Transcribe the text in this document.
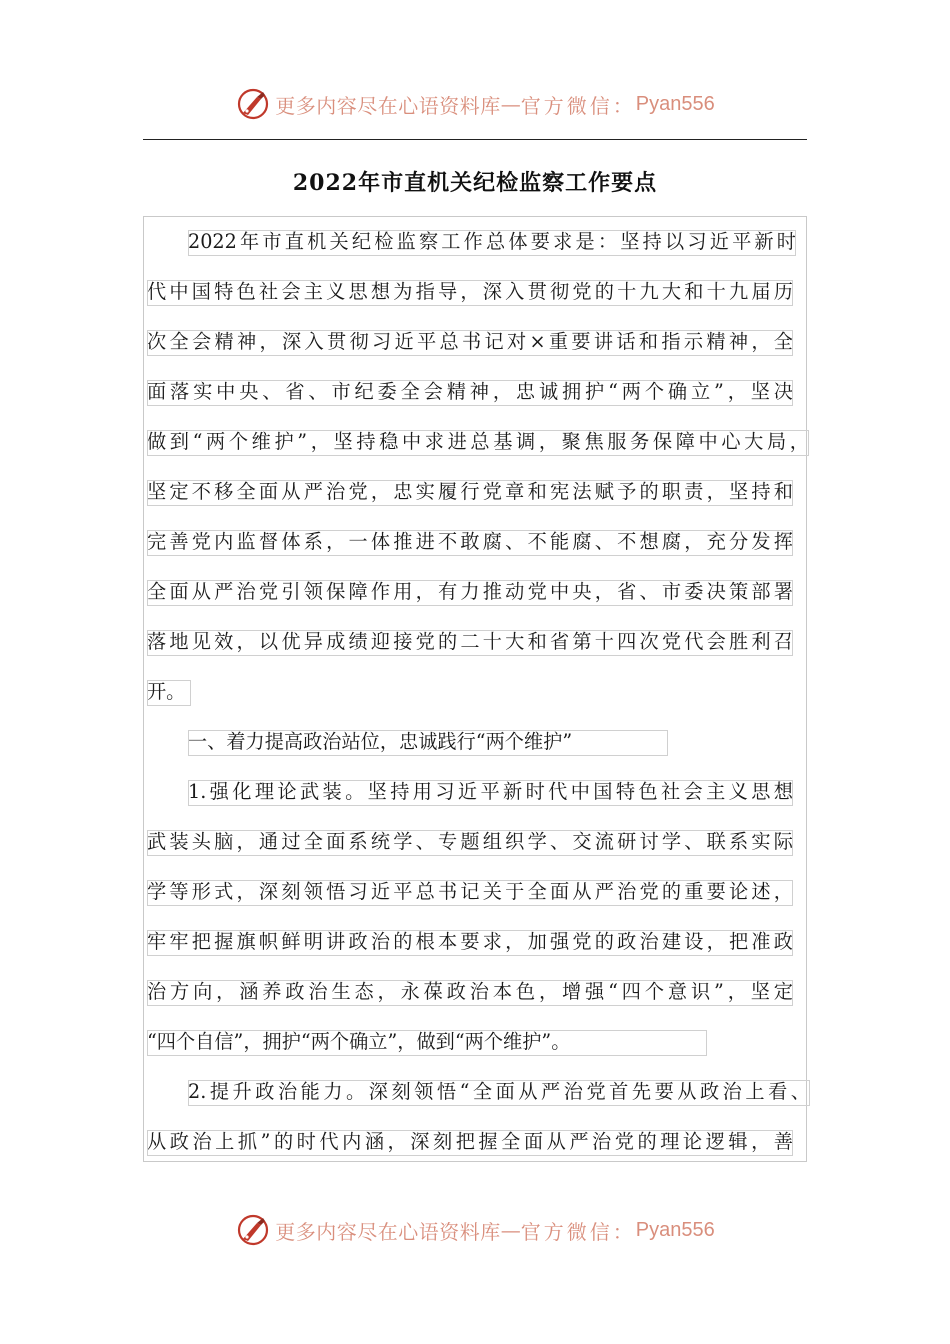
更多内容尽在心语资料库 — 官方微信： Pyan556
2022年市直机关纪检监察工作要点
2022年市直机关纪检监察工作总体要求是：坚持以习近平新时
代中国特色社会主义思想为指导，深入贯彻党的十九大和十九届历
次全会精神，深入贯彻习近平总书记对×重要讲话和指示精神，全
面落实中央、省、市纪委全会精神，忠诚拥护“两个确立”，坚决
做到“两个维护”，坚持稳中求进总基调，聚焦服务保障中心大局，
坚定不移全面从严治党，忠实履行党章和宪法赋予的职责，坚持和
完善党内监督体系，一体推进不敢腐、不能腐、不想腐，充分发挥
全面从严治党引领保障作用，有力推动党中央，省、市委决策部署
落地见效，以优异成绩迎接党的二十大和省第十四次党代会胜利召
开。
一、着力提高政治站位，忠诚践行“两个维护”
1.强化理论武装。坚持用习近平新时代中国特色社会主义思想
武装头脑，通过全面系统学、专题组织学、交流研讨学、联系实际
学等形式，深刻领悟习近平总书记关于全面从严治党的重要论述，
牢牢把握旗帜鲜明讲政治的根本要求，加强党的政治建设，把准政
治方向，涵养政治生态，永葆政治本色，增强“四个意识”，坚定
“四个自信”，拥护“两个确立”，做到“两个维护”。
2.提升政治能力。深刻领悟“全面从严治党首先要从政治上看、
从政治上抓”的时代内涵，深刻把握全面从严治党的理论逻辑，善
更多内容尽在心语资料库 — 官方微信： Pyan556
